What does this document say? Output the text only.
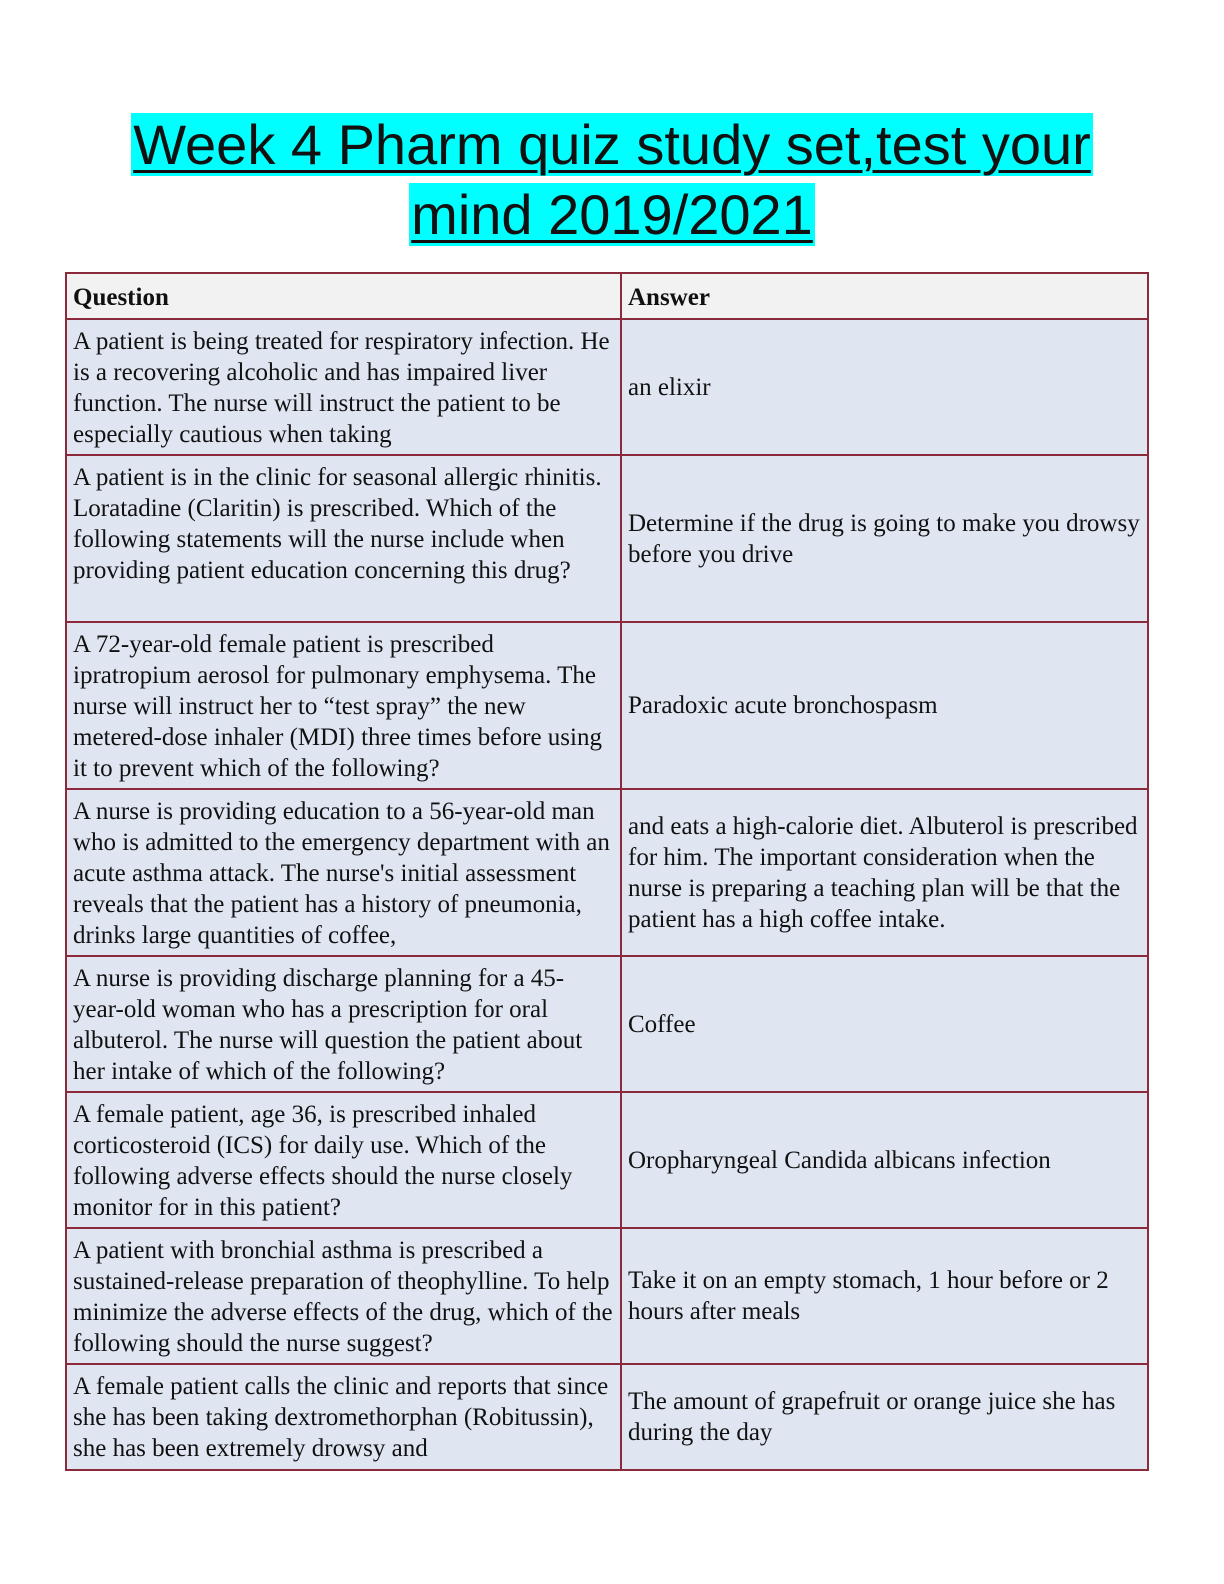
Week 4 Pharm quiz study set,test your
mind 2019/2021
Question	Answer
A patient is being treated for respiratory infection. He is a recovering alcoholic and has impaired liver function. The nurse will instruct the patient to be especially cautious when taking	an elixir
A patient is in the clinic for seasonal allergic rhinitis. Loratadine (Claritin) is prescribed. Which of the following statements will the nurse include when providing patient education concerning this drug?	Determine if the drug is going to make you drowsy before you drive
A 72-year-old female patient is prescribed ipratropium aerosol for pulmonary emphysema. The nurse will instruct her to “test spray” the new metered-dose inhaler (MDI) three times before using it to prevent which of the following?	Paradoxic acute bronchospasm
A nurse is providing education to a 56-year-old man who is admitted to the emergency department with an acute asthma attack. The nurse's initial assessment reveals that the patient has a history of pneumonia, drinks large quantities of coffee,	and eats a high-calorie diet. Albuterol is prescribed for him. The important consideration when the nurse is preparing a teaching plan will be that the patient has a high coffee intake.
A nurse is providing discharge planning for a 45-year-old woman who has a prescription for oral albuterol. The nurse will question the patient about her intake of which of the following?	Coffee
A female patient, age 36, is prescribed inhaled corticosteroid (ICS) for daily use. Which of the following adverse effects should the nurse closely monitor for in this patient?	Oropharyngeal Candida albicans infection
A patient with bronchial asthma is prescribed a sustained-release preparation of theophylline. To help minimize the adverse effects of the drug, which of the following should the nurse suggest?	Take it on an empty stomach, 1 hour before or 2 hours after meals
A female patient calls the clinic and reports that since she has been taking dextromethorphan (Robitussin), she has been extremely drowsy and	The amount of grapefruit or orange juice she has during the day
